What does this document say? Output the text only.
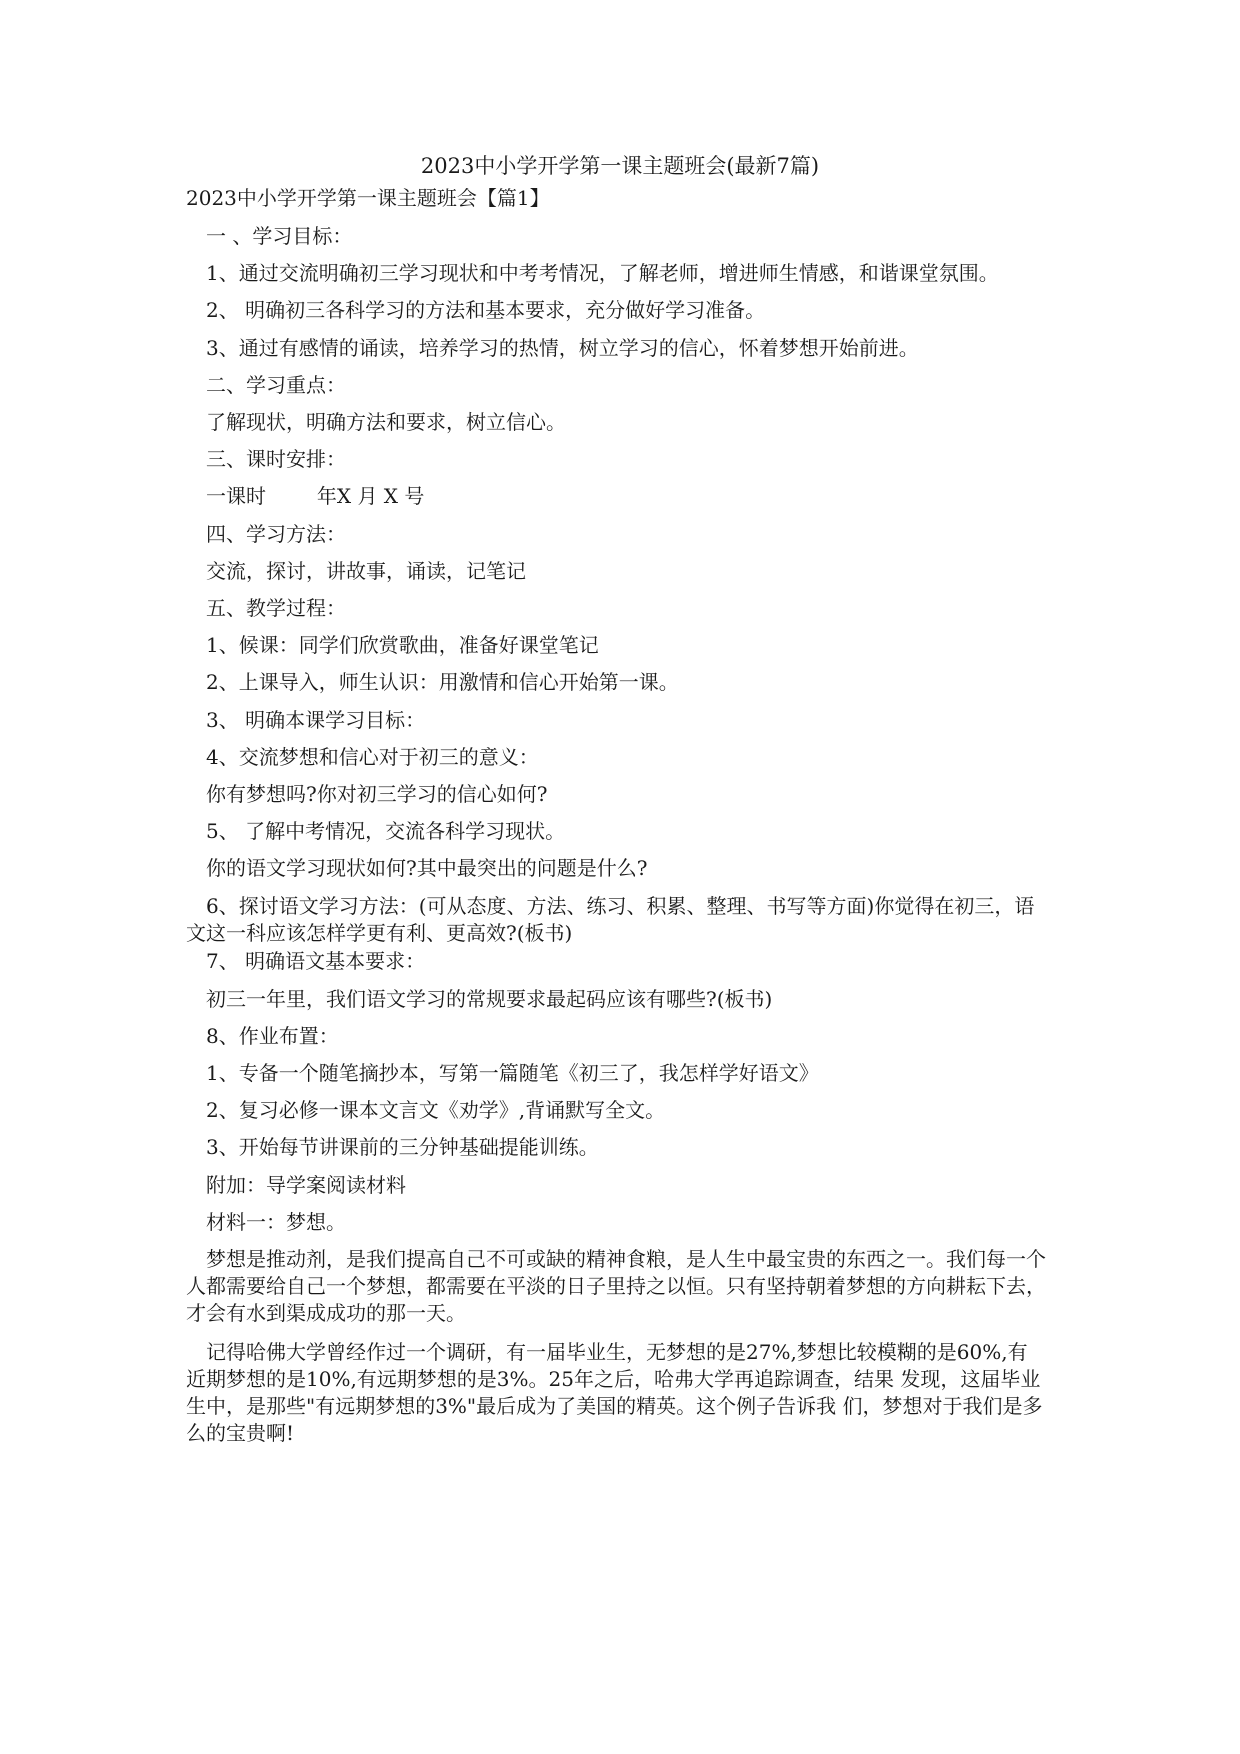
2023中小学开学第一课主题班会(最新7篇)

2023中小学开学第一课主题班会【篇1】

一 、学习目标：

1、通过交流明确初三学习现状和中考考情况，了解老师，增进师生情感，和谐课堂氛围。

2、 明确初三各科学习的方法和基本要求，充分做好学习准备。

3、通过有感情的诵读，培养学习的热情，树立学习的信心，怀着梦想开始前进。

二、学习重点：

了解现状，明确方法和要求，树立信心。

三、课时安排：

一课时        年X 月 X 号

四、学习方法：

交流，探讨，讲故事，诵读，记笔记

五、教学过程：

1、候课：同学们欣赏歌曲，准备好课堂笔记

2、上课导入，师生认识：用激情和信心开始第一课。

3、 明确本课学习目标：

4、交流梦想和信心对于初三的意义：

你有梦想吗?你对初三学习的信心如何?

5、 了解中考情况，交流各科学习现状。

你的语文学习现状如何?其中最突出的问题是什么?

6、探讨语文学习方法：(可从态度、方法、练习、积累、整理、书写等方面)你觉得在初三，语文这一科应该怎样学更有利、更高效?(板书)

7、 明确语文基本要求：

初三一年里，我们语文学习的常规要求最起码应该有哪些?(板书)

8、作业布置：

1、专备一个随笔摘抄本，写第一篇随笔《初三了，我怎样学好语文》

2、复习必修一课本文言文《劝学》,背诵默写全文。

3、开始每节讲课前的三分钟基础提能训练。

附加：导学案阅读材料

材料一：梦想。

梦想是推动剂，是我们提高自己不可或缺的精神食粮，是人生中最宝贵的东西之一。我们每一个人都需要给自己一个梦想，都需要在平淡的日子里持之以恒。只有坚持朝着梦想的方向耕耘下去，才会有水到渠成成功的那一天。

记得哈佛大学曾经作过一个调研，有一届毕业生，无梦想的是27%,梦想比较模糊的是60%,有近期梦想的是10%,有远期梦想的是3%。25年之后，哈弗大学再追踪调查，结果 发现，这届毕业生中，是那些"有远期梦想的3%"最后成为了美国的精英。这个例子告诉我 们，梦想对于我们是多么的宝贵啊!
